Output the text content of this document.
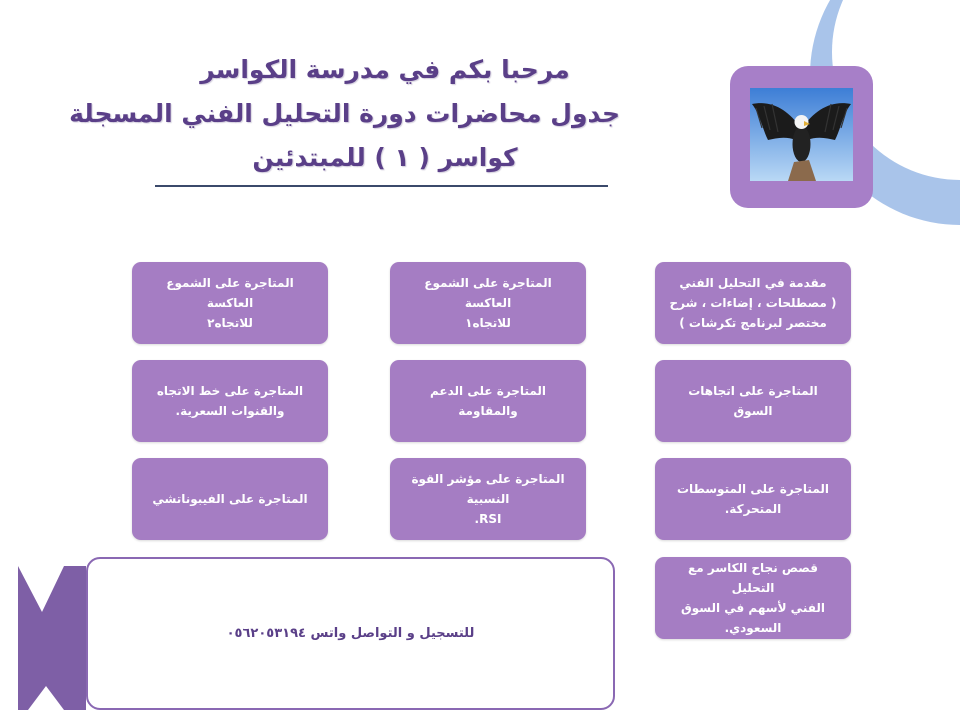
مرحبا بكم في مدرسة الكواسر
جدول محاضرات دورة التحليل الفني المسجلة
كواسر ( ١ ) للمبتدئين
مقدمة في التحليل الفني
( مصطلحات ، إضاءات ، شرح
مختصر لبرنامج تكرشات )
المتاجرة على الشموع العاكسة
للاتجاه١
المتاجرة على الشموع العاكسة
للاتجاه٢
المتاجرة على اتجاهات السوق
المتاجرة على الدعم والمقاومة
المتاجرة على خط الاتجاه
والقنوات السعرية.
المتاجرة على المتوسطات
المتحركة.
المتاجرة على مؤشر القوة النسبية
RSI.
المتاجرة على الفيبوناتشي
قصص نجاح الكاسر مع التحليل
الفني لأسهم في السوق السعودي.
للتسجيل و التواصل واتس ٠٥٦٢٠٥٣١٩٤
